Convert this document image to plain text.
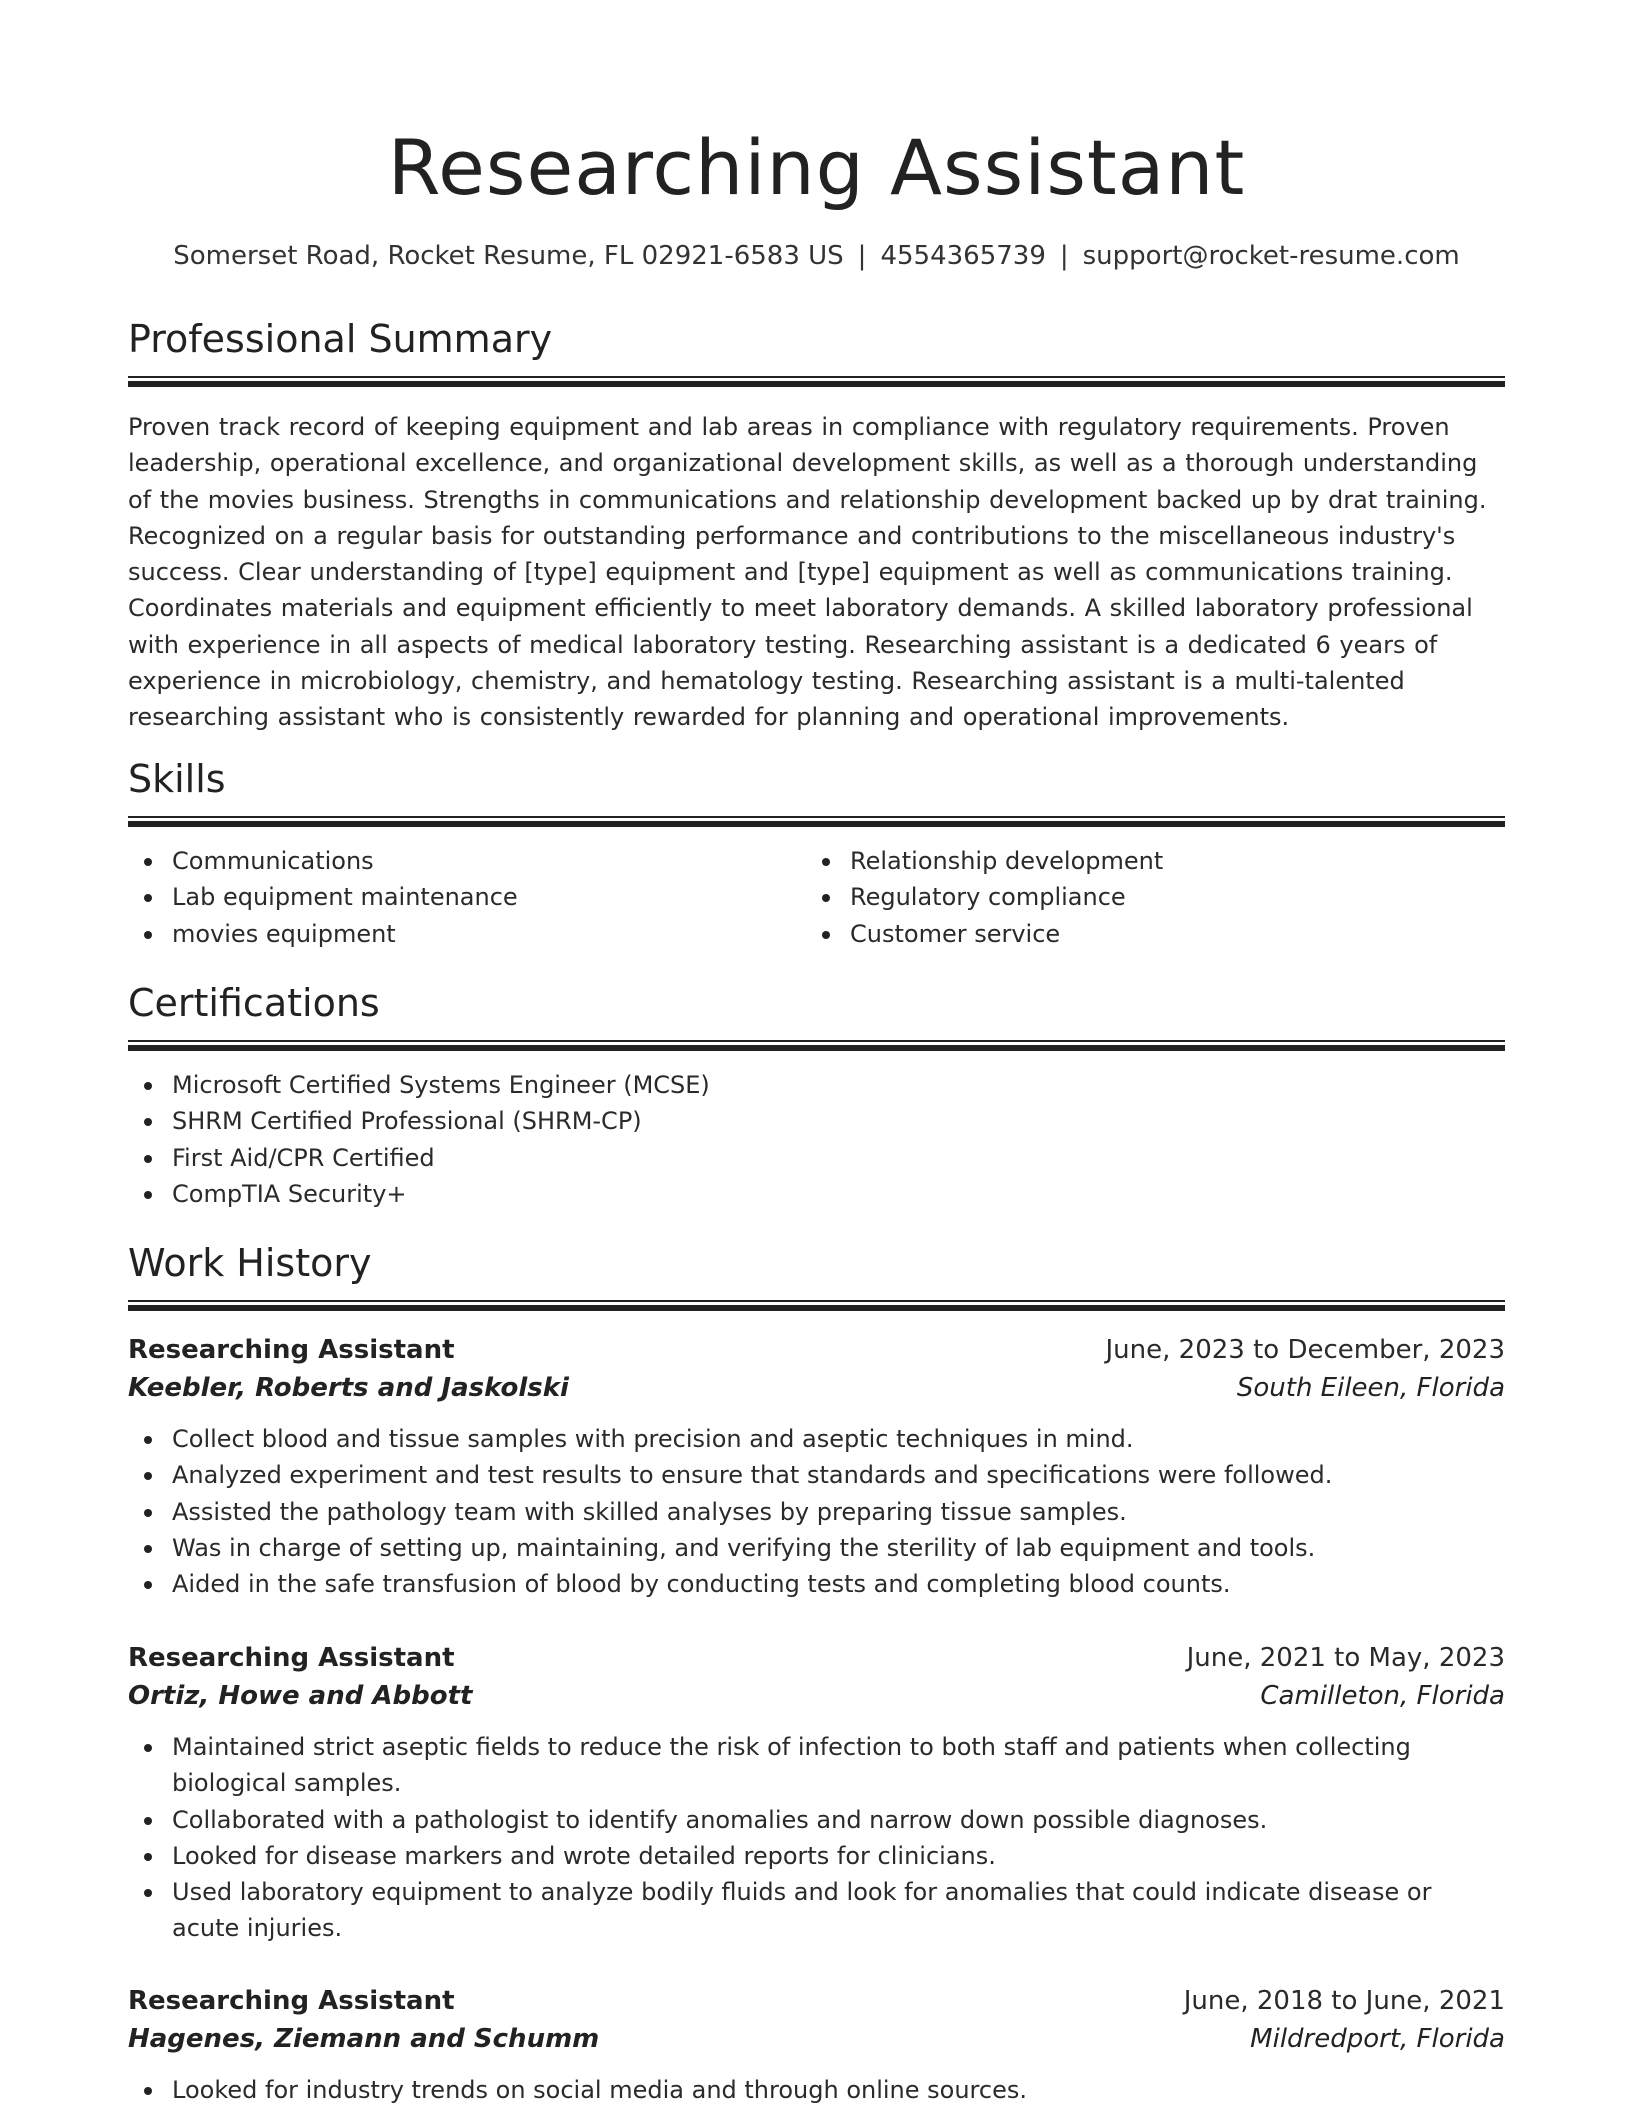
Researching Assistant
Somerset Road, Rocket Resume, FL 02921-6583 US | 4554365739 | support@rocket-resume.com
Professional Summary

Proven track record of keeping equipment and lab areas in compliance with regulatory requirements. Proven leadership, operational excellence, and organizational development skills, as well as a thorough understanding of the movies business. Strengths in communications and relationship development backed up by drat training. Recognized on a regular basis for outstanding performance and contributions to the miscellaneous industry's success. Clear understanding of [type] equipment and [type] equipment as well as communications training. Coordinates materials and equipment efficiently to meet laboratory demands. A skilled laboratory professional with experience in all aspects of medical laboratory testing. Researching assistant is a dedicated 6 years of experience in microbiology, chemistry, and hematology testing. Researching assistant is a multi-talented researching assistant who is consistently rewarded for planning and operational improvements.

Skills
Communications
Lab equipment maintenance
movies equipment
Relationship development
Regulatory compliance
Customer service
Certifications
Microsoft Certified Systems Engineer (MCSE)
SHRM Certified Professional (SHRM-CP)
First Aid/CPR Certified
CompTIA Security+
Work History
Researching Assistant	June, 2023 to December, 2023
Keebler, Roberts and Jaskolski	South Eileen, Florida
Collect blood and tissue samples with precision and aseptic techniques in mind.
Analyzed experiment and test results to ensure that standards and specifications were followed.
Assisted the pathology team with skilled analyses by preparing tissue samples.
Was in charge of setting up, maintaining, and verifying the sterility of lab equipment and tools.
Aided in the safe transfusion of blood by conducting tests and completing blood counts.
Researching Assistant	June, 2021 to May, 2023
Ortiz, Howe and Abbott	Camilleton, Florida
Maintained strict aseptic fields to reduce the risk of infection to both staff and patients when collecting biological samples.
Collaborated with a pathologist to identify anomalies and narrow down possible diagnoses.
Looked for disease markers and wrote detailed reports for clinicians.
Used laboratory equipment to analyze bodily fluids and look for anomalies that could indicate disease or acute injuries.
Researching Assistant	June, 2018 to June, 2021
Hagenes, Ziemann and Schumm	Mildredport, Florida
Looked for industry trends on social media and through online sources.
